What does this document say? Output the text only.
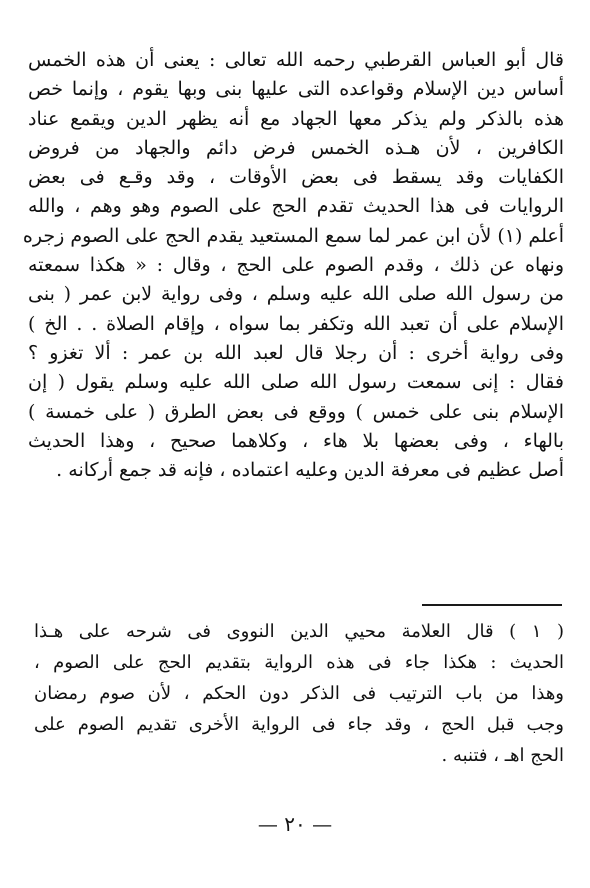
قال أبو العباس القرطبي رحمه الله تعالى : يعنى أن هذه الخمس
أساس دين الإسلام وقواعده التى عليها بنى وبها يقوم ، وإنما خص
هذه بالذكر ولم يذكر معها الجهاد مع أنه يظهر الدين ويقمع عناد
الكافرين ، لأن هـذه الخمس فرض دائم والجهاد من فروض
الكفايات وقد يسقط فى بعض الأوقات ، وقد وقـع فى بعض
الروايات فى هذا الحديث تقدم الحج على الصوم وهو وهم ، والله
أعلم (١) لأن ابن عمر لما سمع المستعيد يقدم الحج على الصوم زجره
ونهاه عن ذلك ، وقدم الصوم على الحج ، وقال : « هكذا سمعته
من رسول الله صلى الله عليه وسلم ، وفى رواية لابن عمر ( بنى
الإسلام على أن تعبد الله وتكفر بما سواه ، وإقام الصلاة . . الخ )
وفى رواية أخرى : أن رجلا قال لعبد الله بن عمر : ألا تغزو ؟
فقال : إنى سمعت رسول الله صلى الله عليه وسلم يقول ( إن
الإسلام بنى على خمس ) ووقع فى بعض الطرق ( على خمسة )
بالهاء ، وفى بعضها بلا هاء ، وكلاهما صحيح ، وهذا الحديث
أصل عظيم فى معرفة الدين وعليه اعتماده ، فإنه قد جمع أركانه .
( ١ ) قال العلامة محيي الدين النووى فى شرحه على هـذا
الحديث : هكذا جاء فى هذه الرواية بتقديم الحج على الصوم ،
وهذا من باب الترتيب فى الذكر دون الحكم ، لأن صوم رمضان
وجب قبل الحج ، وقد جاء فى الرواية الأخرى تقديم الصوم على
الحج اهـ ، فتنبه .
— ٢٠ —
